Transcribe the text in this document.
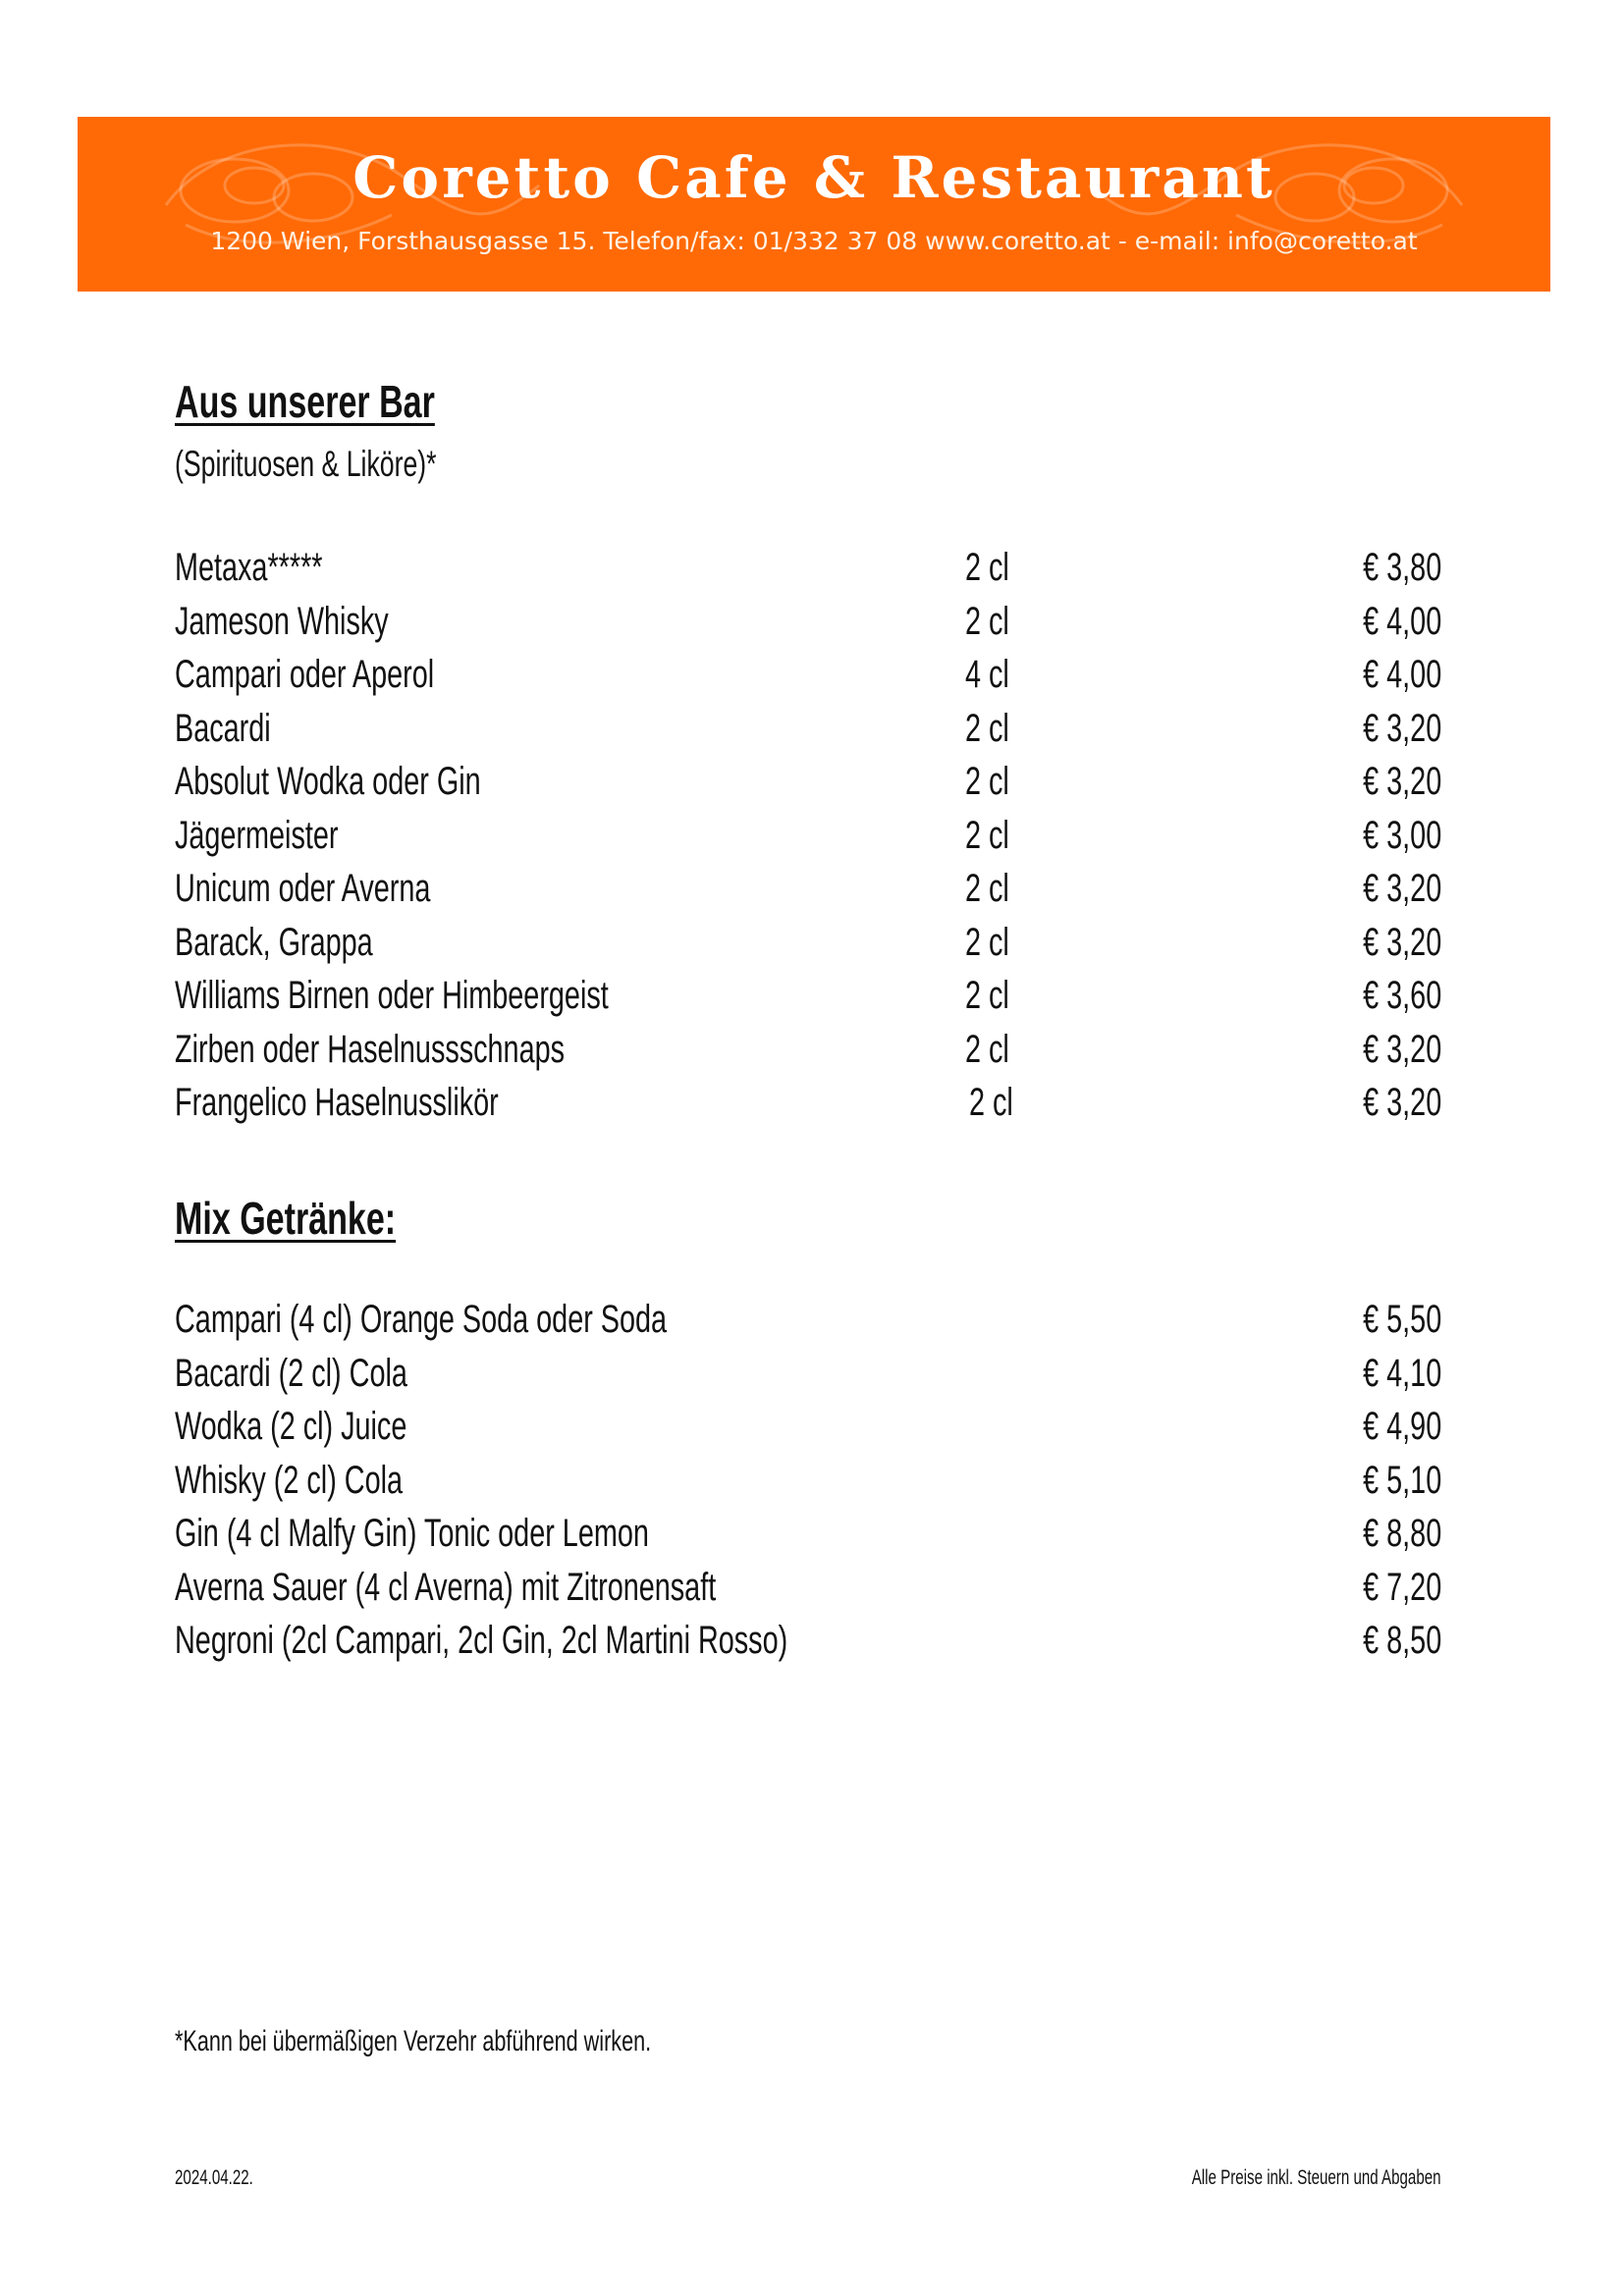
Coretto Cafe & Restaurant
1200 Wien, Forsthausgasse 15. Telefon/fax: 01/332 37 08 www.coretto.at - e-mail: info@coretto.at
Aus unserer Bar
(Spirituosen & Liköre)*
Metaxa*****	2 cl	€ 3,80
Jameson Whisky	2 cl	€ 4,00
Campari oder Aperol	4 cl	€ 4,00
Bacardi	2 cl	€ 3,20
Absolut Wodka oder Gin	2 cl	€ 3,20
Jägermeister	2 cl	€ 3,00
Unicum oder Averna	2 cl	€ 3,20
Barack, Grappa	2 cl	€ 3,20
Williams Birnen oder Himbeergeist	2 cl	€ 3,60
Zirben oder Haselnussschnaps	2 cl	€ 3,20
Frangelico Haselnusslikör	2 cl	€ 3,20
Mix Getränke:
Campari (4 cl) Orange Soda oder Soda	€ 5,50
Bacardi (2 cl) Cola	€ 4,10
Wodka (2 cl) Juice	€ 4,90
Whisky (2 cl) Cola	€ 5,10
Gin (4 cl Malfy Gin) Tonic oder Lemon	€ 8,80
Averna Sauer (4 cl Averna) mit Zitronensaft	€ 7,20
Negroni (2cl Campari, 2cl Gin, 2cl Martini Rosso)	€ 8,50
*Kann bei übermäßigen Verzehr abführend wirken.
2024.04.22.	Alle Preise inkl. Steuern und Abgaben
